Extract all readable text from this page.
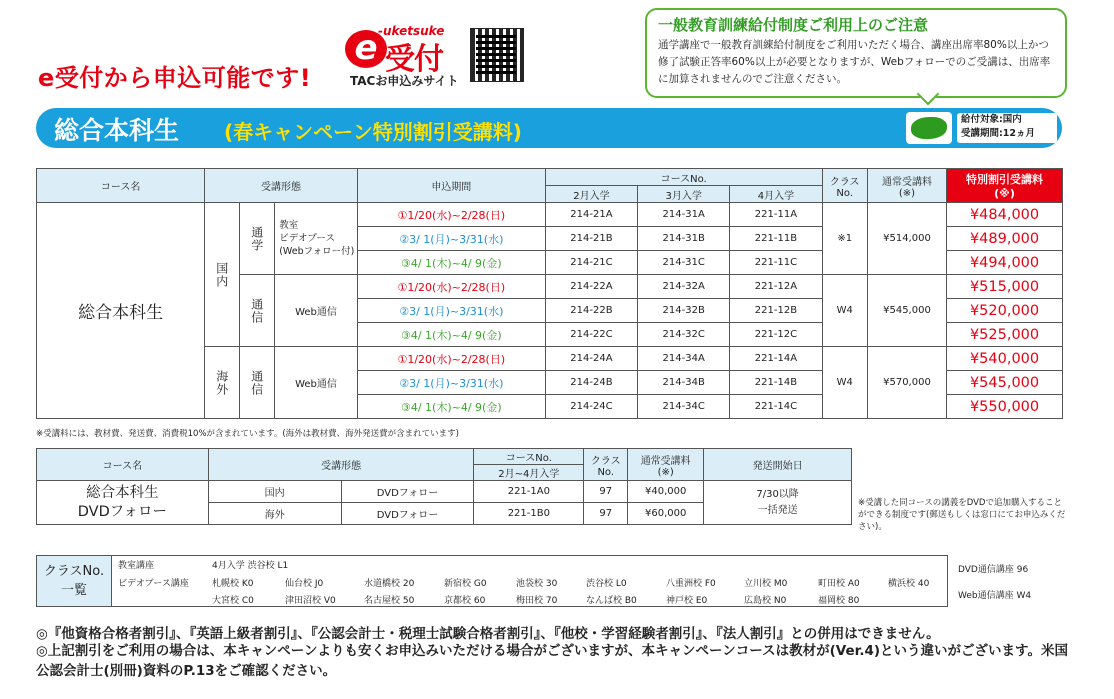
e受付から申込可能です!
e -uketsuke
受付
TACお申込みサイト
一般教育訓練給付制度ご利用上のご注意
通学講座で一般教育訓練給付制度をご利用いただく場合、講座出席率80%以上かつ修了試験正答率60%以上が必要となりますが、Webフォローでのご受講は、出席率に加算されませんのでご注意ください。
総合本科生 (春キャンペーン特別割引受講料)
給付対象:国内
受講期間:12ヵ月
コース名	受講形態			申込期間	コースNo.			クラスNo.	通常受講料
(※)	特別割引受講料
(※)
					2月入学	3月入学	4月入学			
総合本科生	国内	通学	教室
ビデオブース
(Webフォロー付)	①1/20(水)~2/28(日)	214-21A	214-31A	221-11A	※1	¥514,000	¥484,000
				②3/ 1(月)~3/31(水)	214-21B	214-31B	221-11B			¥489,000
				③4/ 1(木)~4/ 9(金)	214-21C	214-31C	221-11C			¥494,000
		通信	Web通信	①1/20(水)~2/28(日)	214-22A	214-32A	221-12A	W4	¥545,000	¥515,000
				②3/ 1(月)~3/31(水)	214-22B	214-32B	221-12B			¥520,000
				③4/ 1(木)~4/ 9(金)	214-22C	214-32C	221-12C			¥525,000
	海外	通信	Web通信	①1/20(水)~2/28(日)	214-24A	214-34A	221-14A	W4	¥570,000	¥540,000
				②3/ 1(月)~3/31(水)	214-24B	214-34B	221-14B			¥545,000
				③4/ 1(木)~4/ 9(金)	214-24C	214-34C	221-14C			¥550,000
※受講料には、教材費、発送費、消費税10%が含まれています。(海外は教材費、海外発送費が含まれています)
コース名	受講形態		コースNo.	クラスNo.	通常受講料
(※)	発送開始日
			2月~4月入学			
総合本科生
DVDフォロー	国内	DVDフォロー	221-1A0	97	¥40,000	7/30以降
一括発送
	海外	DVDフォロー	221-1B0	97	¥60,000	
※受講した同コースの講義をDVDで追加購入することができる制度です(郵送もしくは窓口にてお申込みください)。
クラスNo.
一覧
教室講座	4月入学 渋谷校 L1
ビデオブース講座	札幌校 K0	仙台校 J0	水道橋校 20	新宿校 G0	池袋校 30	渋谷校 L0	八重洲校 F0	立川校 M0	町田校 A0	横浜校 40
大宮校 C0	津田沼校 V0	名古屋校 50	京都校 60	梅田校 70	なんば校 B0	神戸校 E0	広島校 N0	福岡校 80
DVD通信講座 96
Web通信講座 W4
◎『他資格合格者割引』、『英語上級者割引』、『公認会計士・税理士試験合格者割引』、『他校・学習経験者割引』、『法人割引』との併用はできません。
◎上記割引をご利用の場合は、本キャンペーンよりも安くお申込みいただける場合がございますが、本キャンペーンコースは教材が(Ver.4)という違いがございます。米国公認会計士(別冊)資料のP.13をご確認ください。
